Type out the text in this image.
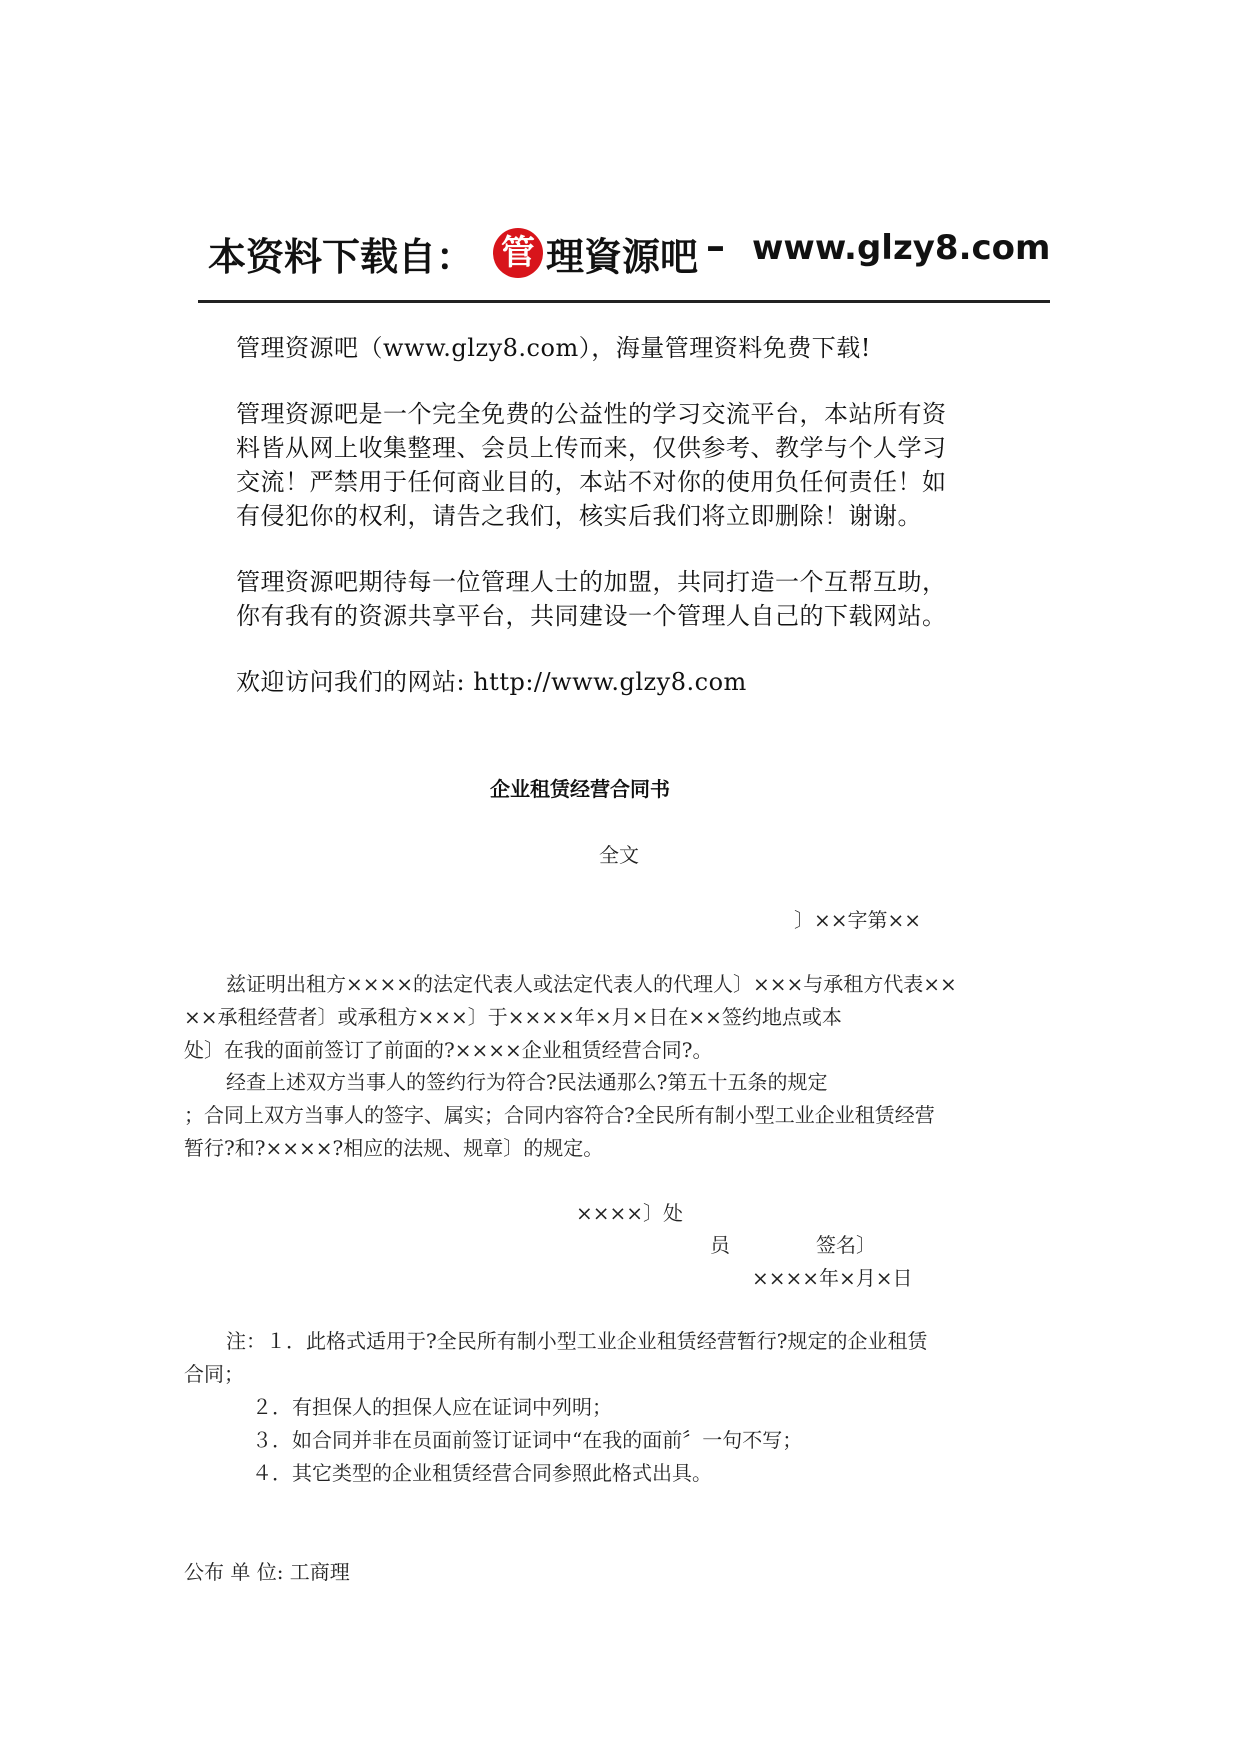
本资料下载自： 管 理資源吧 – www.glzy8.com
管理资源吧（www.glzy8.com），海量管理资料免费下载!
管理资源吧是一个完全免费的公益性的学习交流平台，本站所有资
料皆从网上收集整理、会员上传而来，仅供参考、教学与个人学习
交流！严禁用于任何商业目的，本站不对你的使用负任何责任！如
有侵犯你的权利，请告之我们，核实后我们将立即删除！谢谢。
管理资源吧期待每一位管理人士的加盟，共同打造一个互帮互助，
你有我有的资源共享平台，共同建设一个管理人自己的下载网站。
欢迎访问我们的网站: http://www.glzy8.com
企业租赁经营合同书
全文
〕××字第××
兹证明出租方××××的法定代表人或法定代表人的代理人〕×××与承租方代表××
××承租经营者〕或承租方×××〕于××××年×月×日在××签约地点或本
处〕在我的面前签订了前面的?××××企业租赁经营合同?。
经查上述双方当事人的签约行为符合?民法通那么?第五十五条的规定
；合同上双方当事人的签字、属实；合同内容符合?全民所有制小型工业企业租赁经营
暂行?和?××××?相应的法规、规章〕的规定。
××××〕处
员	签名〕
××××年×月×日
注：１．此格式适用于?全民所有制小型工业企业租赁经营暂行?规定的企业租赁
合同；
２．有担保人的担保人应在证词中列明；
３．如合同并非在员面前签订证词中“在我的面前〞一句不写；
４．其它类型的企业租赁经营合同参照此格式出具。
公布 单 位: 工商理
